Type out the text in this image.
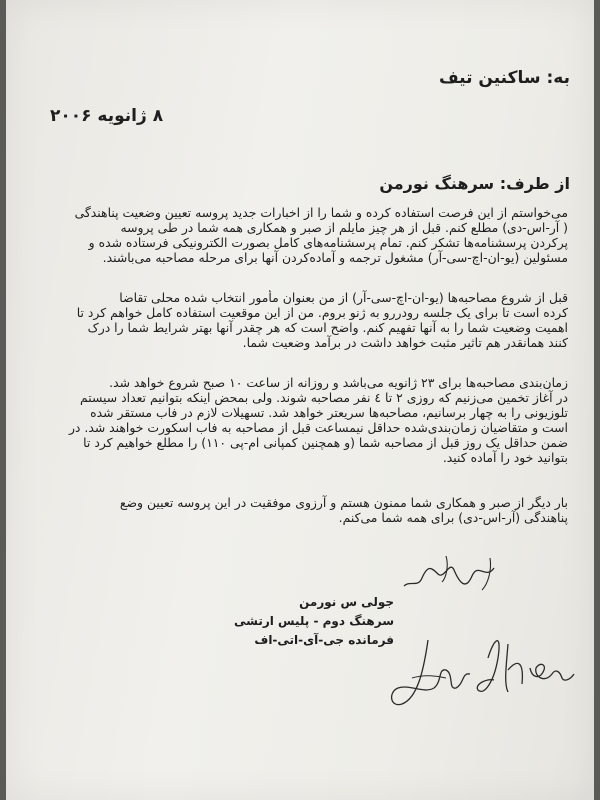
به: ساکنین تیف
۸ ژانویه ۲۰۰۶
از طرف: سرهنگ نورمن
می‌خواستم از این فرصت استفاده کرده و شما را از اخبارات جدید پروسه تعیین وضعیت پناهندگی
( آر-اس-دی) مطلع کنم. قبل از هر چیز مایلم از صبر و همکاری همه شما در طی پروسه
پرکردن پرسشنامه‌ها تشکر کنم. تمام پرسشنامه‌های کامل بصورت الکترونیکی فرستاده شده و
مسئولین (یو-ان-اچ-سی-آر) مشغول ترجمه و آماده‌کردن آنها برای مرحله مصاحبه می‌باشند.
قبل از شروع مصاحبه‌ها (یو-ان-اچ-سی-آر) از من بعنوان مأمور انتخاب شده محلی تقاضا
کرده است تا برای یک جلسه رودررو به ژنو بروم. من از این موقعیت استفاده کامل خواهم کرد تا
اهمیت وضعیت شما را به آنها تفهیم کنم. واضح است که هر چقدر آنها بهتر شرایط شما را درک
کنند همانقدر هم تاثیر مثبت خواهد داشت در برآمد وضعیت شما.
زمان‌بندی مصاحبه‌ها برای ۲۳ ژانویه می‌باشد و روزانه از ساعت ۱۰ صبح شروع خواهد شد.
در آغاز تخمین می‌زنیم که روزی ۲ تا ٤ نفر مصاحبه شوند. ولی بمحض اینکه بتوانیم تعداد سیستم
تلوزیونی را به چهار برسانیم، مصاحبه‌ها سریعتر خواهد شد. تسهیلات لازم در فاب مستقر شده
است و متقاضیان زمان‌بندی‌شده حداقل نیمساعت قبل از مصاحبه به فاب اسکورت خواهند شد. در
ضمن حداقل یک روز قبل از مصاحبه شما (و همچنین کمپانی ام-پی ۱۱۰) را مطلع خواهیم کرد تا
بتوانید خود را آماده کنید.
بار دیگر از صبر و همکاری شما ممنون هستم و آرزوی موفقیت در این پروسه تعیین وضع
پناهندگی (آر-اس-دی) برای همه شما می‌کنم.
جولی س نورمن
سرهنگ دوم - پلیس ارتشی
فرمانده جی-آی-اتی-اف
